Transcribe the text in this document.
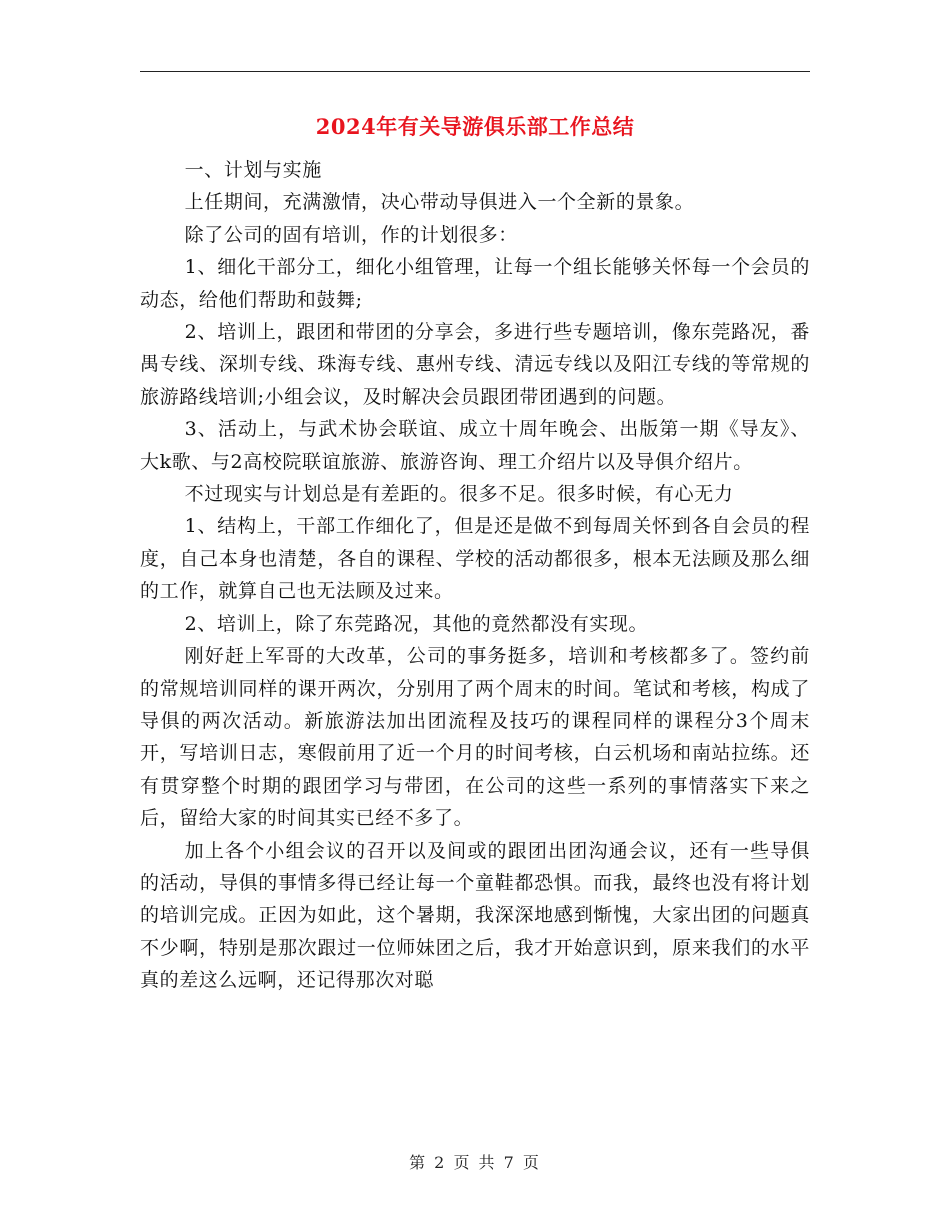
2024年有关导游俱乐部工作总结

一、计划与实施

上任期间，充满激情，决心带动导俱进入一个全新的景象。

除了公司的固有培训，作的计划很多：

1、细化干部分工，细化小组管理，让每一个组长能够关怀每一个会员的动态，给他们帮助和鼓舞;

2、培训上，跟团和带团的分享会，多进行些专题培训，像东莞路况，番禺专线、深圳专线、珠海专线、惠州专线、清远专线以及阳江专线的等常规的旅游路线培训;小组会议，及时解决会员跟团带团遇到的问题。

3、活动上，与武术协会联谊、成立十周年晚会、出版第一期《导友》、大k歌、与2高校院联谊旅游、旅游咨询、理工介绍片以及导俱介绍片。

不过现实与计划总是有差距的。很多不足。很多时候，有心无力

1、结构上，干部工作细化了，但是还是做不到每周关怀到各自会员的程度，自己本身也清楚，各自的课程、学校的活动都很多，根本无法顾及那么细的工作，就算自己也无法顾及过来。

2、培训上，除了东莞路况，其他的竟然都没有实现。

刚好赶上军哥的大改革，公司的事务挺多，培训和考核都多了。签约前的常规培训同样的课开两次，分别用了两个周末的时间。笔试和考核，构成了导俱的两次活动。新旅游法加出团流程及技巧的课程同样的课程分3个周末开，写培训日志，寒假前用了近一个月的时间考核，白云机场和南站拉练。还有贯穿整个时期的跟团学习与带团，在公司的这些一系列的事情落实下来之后，留给大家的时间其实已经不多了。

加上各个小组会议的召开以及间或的跟团出团沟通会议，还有一些导俱的活动，导俱的事情多得已经让每一个童鞋都恐惧。而我，最终也没有将计划的培训完成。正因为如此，这个暑期，我深深地感到惭愧，大家出团的问题真不少啊，特别是那次跟过一位师妹团之后，我才开始意识到，原来我们的水平真的差这么远啊，还记得那次对聪

第 2 页 共 7 页
